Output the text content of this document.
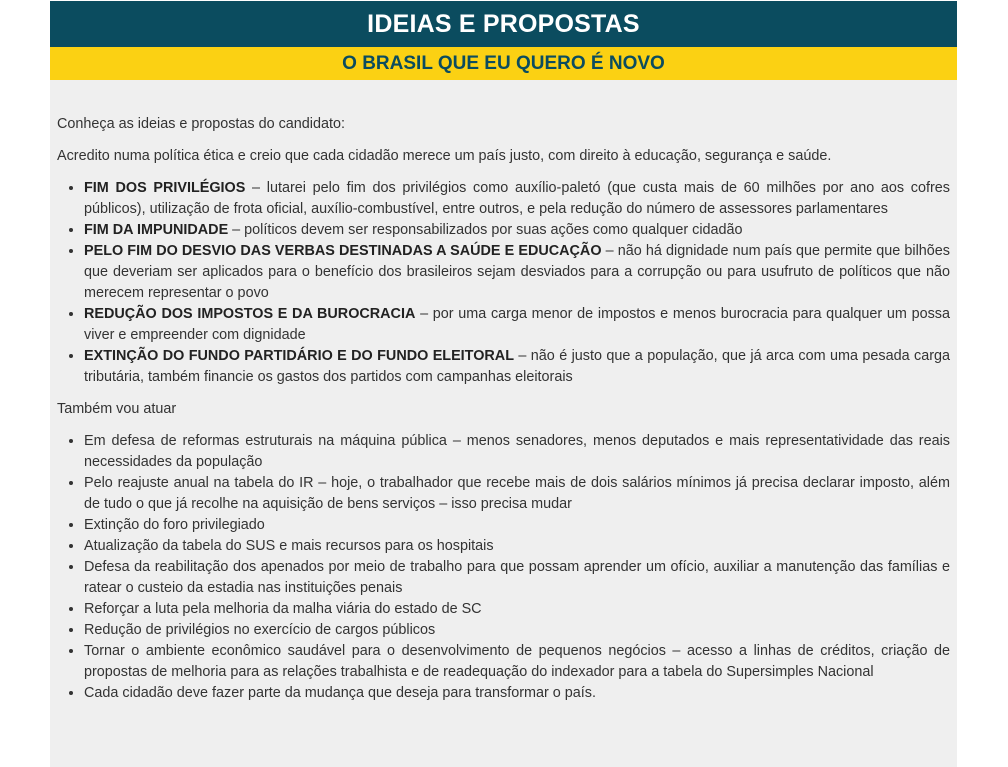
IDEIAS E PROPOSTAS
O BRASIL QUE EU QUERO É NOVO

Conheça as ideias e propostas do candidato:

Acredito numa política ética e creio que cada cidadão merece um país justo, com direito à educação, segurança e saúde.

• FIM DOS PRIVILÉGIOS – lutarei pelo fim dos privilégios como auxílio-paletó (que custa mais de 60 milhões por ano aos cofres públicos), utilização de frota oficial, auxílio-combustível, entre outros, e pela redução do número de assessores parlamentares
• FIM DA IMPUNIDADE – políticos devem ser responsabilizados por suas ações como qualquer cidadão
• PELO FIM DO DESVIO DAS VERBAS DESTINADAS A SAÚDE E EDUCAÇÃO – não há dignidade num país que permite que bilhões que deveriam ser aplicados para o benefício dos brasileiros sejam desviados para a corrupção ou para usufruto de políticos que não merecem representar o povo
• REDUÇÃO DOS IMPOSTOS E DA BUROCRACIA – por uma carga menor de impostos e menos burocracia para qualquer um possa viver e empreender com dignidade
• EXTINÇÃO DO FUNDO PARTIDÁRIO E DO FUNDO ELEITORAL – não é justo que a população, que já arca com uma pesada carga tributária, também financie os gastos dos partidos com campanhas eleitorais

Também vou atuar

• Em defesa de reformas estruturais na máquina pública – menos senadores, menos deputados e mais representatividade das reais necessidades da população
• Pelo reajuste anual na tabela do IR – hoje, o trabalhador que recebe mais de dois salários mínimos já precisa declarar imposto, além de tudo o que já recolhe na aquisição de bens serviços – isso precisa mudar
• Extinção do foro privilegiado
• Atualização da tabela do SUS e mais recursos para os hospitais
• Defesa da reabilitação dos apenados por meio de trabalho para que possam aprender um ofício, auxiliar a manutenção das famílias e ratear o custeio da estadia nas instituições penais
• Reforçar a luta pela melhoria da malha viária do estado de SC
• Redução de privilégios no exercício de cargos públicos
• Tornar o ambiente econômico saudável para o desenvolvimento de pequenos negócios – acesso a linhas de créditos, criação de propostas de melhoria para as relações trabalhista e de readequação do indexador para a tabela do Supersimples Nacional
• Cada cidadão deve fazer parte da mudança que deseja para transformar o país.
